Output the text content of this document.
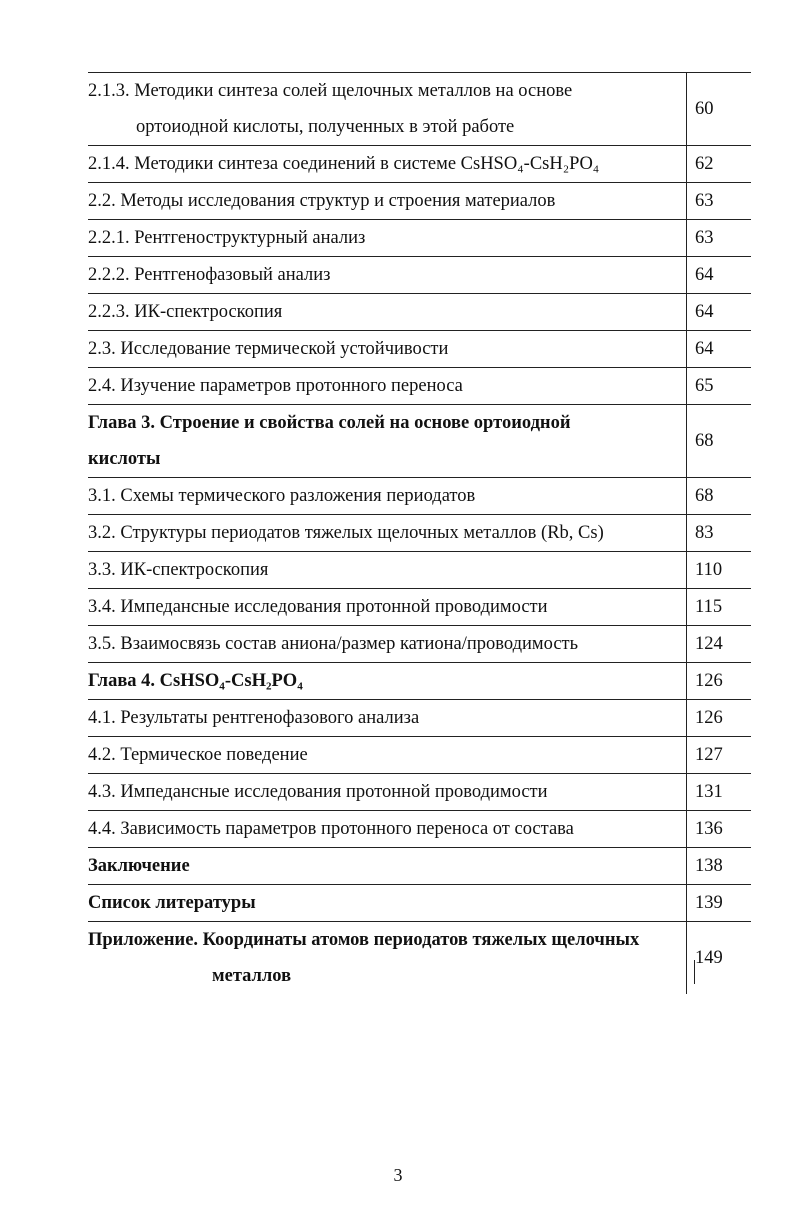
2.1.3. Методики синтеза солей щелочных металлов на основе
ортоиодной кислоты, полученных в этой работе	60

2.1.4. Методики синтеза соединений в системе CsHSO₄-CsH₂PO₄	62

2.2. Методы исследования структур и строения материалов	63

2.2.1. Рентгеноструктурный анализ	63

2.2.2. Рентгенофазовый анализ	64

2.2.3. ИК-спектроскопия	64

2.3. Исследование термической устойчивости	64

2.4. Изучение параметров протонного переноса	65

Глава 3. Строение и свойства солей на основе ортоиодной
кислоты	68

3.1. Схемы термического разложения периодатов	68

3.2. Структуры периодатов тяжелых щелочных металлов (Rb, Cs)	83

3.3. ИК-спектроскопия	110

3.4. Импедансные исследования протонной проводимости	115

3.5. Взаимосвязь состав аниона/размер катиона/проводимость	124

Глава 4. CsHSO₄-CsH₂PO₄	126

4.1. Результаты рентгенофазового анализа	126

4.2. Термическое поведение	127

4.3. Импедансные исследования протонной проводимости	131

4.4. Зависимость параметров протонного переноса от состава	136

Заключение	138

Список литературы	139

Приложение. Координаты атомов периодатов тяжелых щелочных
металлов	149
3
